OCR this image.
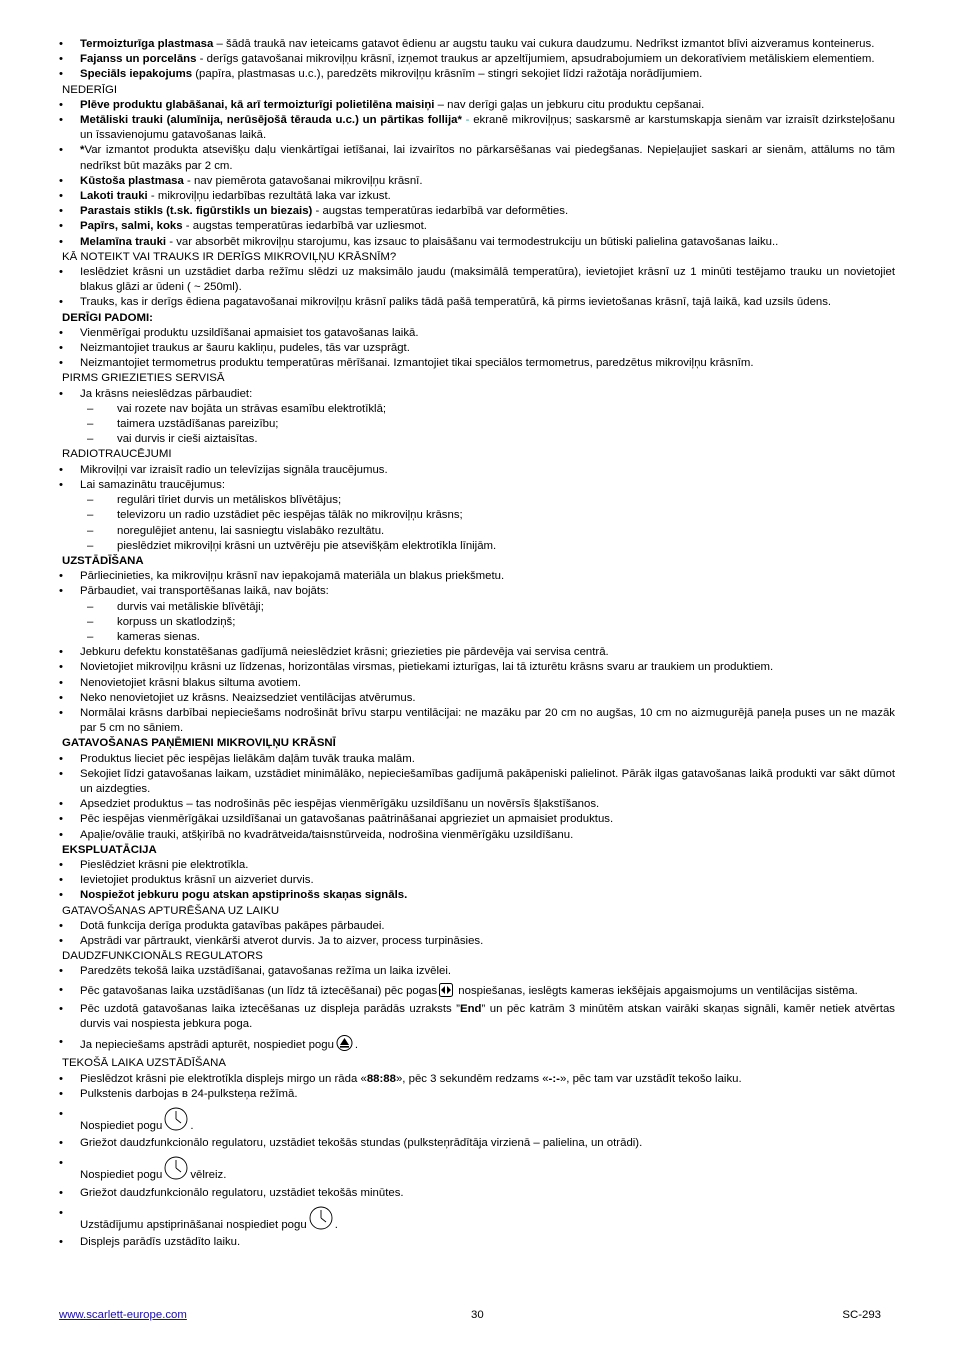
• Termoizturīga plastmasa – šādā traukā nav ieteicams gatavot ēdienu ar augstu tauku vai cukura daudzumu. Nedrīkst izmantot blīvi aizveramus konteinerus.
• Fajanss un porcelāns - derīgs gatavošanai mikroviļņu krāsnī, izņemot traukus ar apzeltījumiem, apsudrabojumiem un dekoratīviem metāliskiem elementiem.
• Speciāls iepakojums (papīra, plastmasas u.c.), paredzēts mikroviļņu krāsnīm – stingri sekojiet līdzi ražotāja norādījumiem.
NEDERĪGI
• Plēve produktu glabāšanai, kā arī termoizturīgi polietilēna maisiņi – nav derīgi gaļas un jebkuru citu produktu cepšanai.
• Metāliski trauki (alumīnija, nerūsējošā tērauda u.c.) un pārtikas follija* - ekranē mikroviļņus; saskarsmē ar karstumskapja sienām var izraisīt dzirksteļošanu un īssavienojumu gatavošanas laikā.
• *Var izmantot produkta atsevišķu daļu vienkārtīgai ietīšanai, lai izvairītos no pārkarsēšanas vai piedegšanas. Nepieļaujiet saskari ar sienām, attālums no tām nedrīkst būt mazāks par 2 cm.
• Kūstoša plastmasa - nav piemērota gatavošanai mikroviļņu krāsnī.
• Lakoti trauki - mikroviļņu iedarbības rezultātā laka var izkust.
• Parastais stikls (t.sk. figūrstikls un biezais) - augstas temperatūras iedarbībā var deformēties.
• Papīrs, salmi, koks - augstas temperatūras iedarbībā var uzliesmot.
• Melamīna trauki - var absorbēt mikroviļņu starojumu, kas izsauc to plaisāšanu vai termodestrukciju un būtiski palielina gatavošanas laiku..
KĀ NOTEIKT VAI TRAUKS IR DERĪGS MIKROVIĻŅU KRĀSNĪM?
• Ieslēdziet krāsni un uzstādiet darba režīmu slēdzi uz maksimālo jaudu (maksimālā temperatūra), ievietojiet krāsnī uz 1 minūti testējamo trauku un novietojiet blakus glāzi ar ūdeni ( ~ 250ml).
• Trauks, kas ir derīgs ēdiena pagatavošanai mikroviļņu krāsnī paliks tādā pašā temperatūrā, kā pirms ievietošanas krāsnī, tajā laikā, kad uzsils ūdens.
DERĪGI PADOMI:
• Vienmērīgai produktu uzsildīšanai apmaisiet tos gatavošanas laikā.
• Neizmantojiet traukus ar šauru kakliņu, pudeles, tās var uzsprāgt.
• Neizmantojiet termometrus produktu temperatūras mērīšanai. Izmantojiet tikai speciālos termometrus, paredzētus mikroviļņu krāsnīm.
PIRMS GRIEZIETIES SERVISĀ
• Ja krāsns neieslēdzas pārbaudiet:
– vai rozete nav bojāta un strāvas esamību elektrotīklā;
– taimera uzstādīšanas pareizību;
– vai durvis ir cieši aiztaisītas.
RADIOTRAUCĒJUMI
• Mikroviļņi var izraisīt radio un televīzijas signāla traucējumus.
• Lai samazinātu traucējumus:
– regulāri tīriet durvis un metāliskos blīvētājus;
– televizoru un radio uzstādiet pēc iespējas tālāk no mikroviļņu krāsns;
– noregulējiet antenu, lai sasniegtu vislabāko rezultātu.
– pieslēdziet mikroviļņi krāsni un uztvērēju pie atsevišķām elektrotīkla līnijām.
UZSTĀDĪŠANA
• Pārliecinieties, ka mikroviļņu krāsnī nav iepakojamā materiāla un blakus priekšmetu.
• Pārbaudiet, vai transportēšanas laikā, nav bojāts:
– durvis vai metāliskie blīvētāji;
– korpuss un skatlodziņš;
– kameras sienas.
• Jebkuru defektu konstatēšanas gadījumā neieslēdziet krāsni; griezieties pie pārdevēja vai servisa centrā.
• Novietojiet mikroviļņu krāsni uz līdzenas, horizontālas virsmas, pietiekami izturīgas, lai tā izturētu krāsns svaru ar traukiem un produktiem.
• Nenovietojiet krāsni blakus siltuma avotiem.
• Neko nenovietojiet uz krāsns. Neaizsedziet ventilācijas atvērumus.
• Normālai krāsns darbībai nepieciešams nodrošināt brīvu starpu ventilācijai: ne mazāku par 20 cm no augšas, 10 cm no aizmugurējā paneļa puses un ne mazāk par 5 cm no sāniem.
GATAVOŠANAS PAŅĒMIENI MIKROVIĻŅU KRĀSNĪ
• Produktus lieciet pēc iespējas lielākām daļām tuvāk trauka malām.
• Sekojiet līdzi gatavošanas laikam, uzstādiet minimālāko, nepieciešamības gadījumā pakāpeniski palielinot. Pārāk ilgas gatavošanas laikā produkti var sākt dūmot un aizdegties.
• Apsedziet produktus – tas nodrošinās pēc iespējas vienmērīgāku uzsildīšanu un novērsīs šļakstīšanos.
• Pēc iespējas vienmērīgākai uzsildīšanai un gatavošanas paātrināšanai apgrieziet un apmaisiet produktus.
• Apaļie/ovālie trauki, atšķirībā no kvadrātveida/taisnstūrveida, nodrošina vienmērīgāku uzsildīšanu.
EKSPLUATĀCIJA
• Pieslēdziet krāsni pie elektrotīkla.
• Ievietojiet produktus krāsnī un aizveriet durvis.
• Nospiežot jebkuru pogu atskan apstiprinošs skaņas signāls.
GATAVOŠANAS APTURĒŠANA UZ LAIKU
• Dotā funkcija derīga produkta gatavības pakāpes pārbaudei.
• Apstrādi var pārtraukt, vienkārši atverot durvis. Ja to aizver, process turpināsies.
DAUDZFUNKCIONĀLS REGULATORS
• Paredzēts tekošā laika uzstādīšanai, gatavošanas režīma un laika izvēlei.
• Pēc gatavošanas laika uzstādīšanas (un līdz tā iztecēšanai) pēc pogas nospiešanas, ieslēgts kameras iekšējais apgaismojums un ventilācijas sistēma.
• Pēc uzdotā gatavošanas laika iztecēšanas uz displeja parādās uzraksts ”End” un pēc katrām 3 minūtēm atskan vairāki skaņas signāli, kamēr netiek atvērtas durvis vai nospiesta jebkura poga.
• Ja nepieciešams apstrādi apturēt, nospiediet pogu .
TEKOŠĀ LAIKA UZSTĀDĪŠANA
• Pieslēdzot krāsni pie elektrotīkla displejs mirgo un rāda «88:88», pēc 3 sekundēm redzams «-:-», pēc tam var uzstādīt tekošo laiku.
• Pulkstenis darbojas в 24-pulksteņa režīmā.
• Nospiediet pogu .
• Griežot daudzfunkcionālo regulatoru, uzstādiet tekošās stundas (pulksteņrādītāja virzienā – palielina, un otrādi).
• Nospiediet pogu vēlreiz.
• Griežot daudzfunkcionālo regulatoru, uzstādiet tekošās minūtes.
• Uzstādījumu apstiprināšanai nospiediet pogu .
• Displejs parādīs uzstādīto laiku.
www.scarlett-europe.com	30	SC-293
